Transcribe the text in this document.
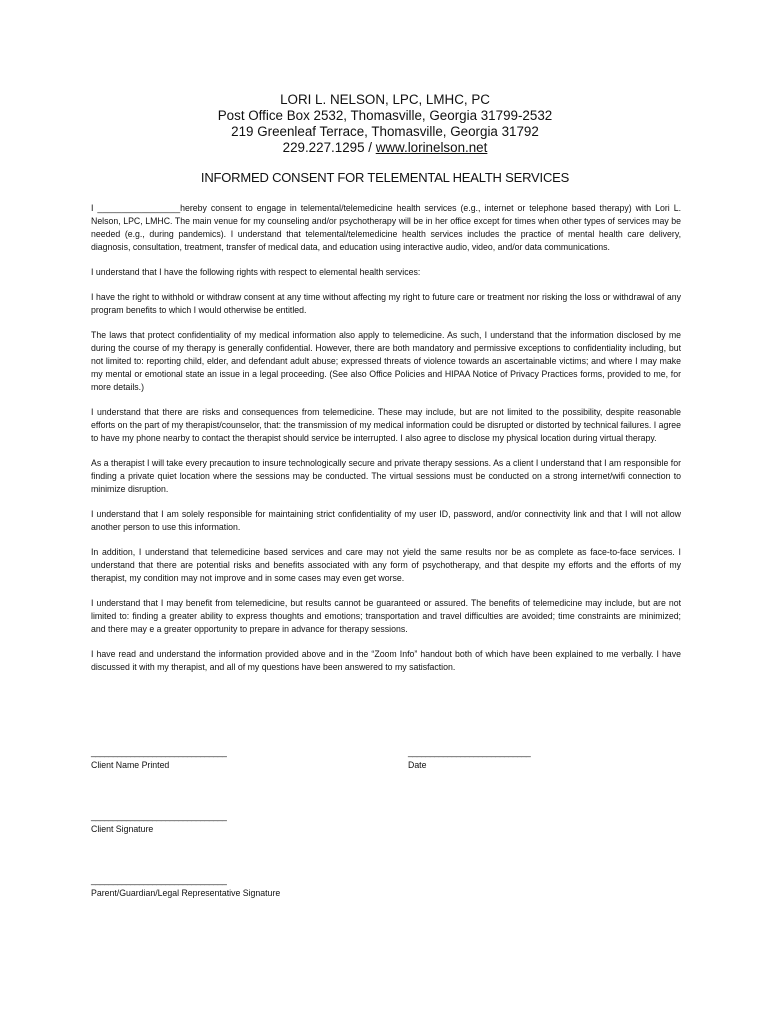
LORI L. NELSON, LPC, LMHC, PC
Post Office Box 2532, Thomasville, Georgia 31799-2532
219 Greenleaf Terrace, Thomasville, Georgia 31792
229.227.1295 / www.lorinelson.net
INFORMED CONSENT FOR TELEMENTAL HEALTH SERVICES

I _________________hereby consent to engage in telemental/telemedicine health services (e.g., internet or telephone based therapy) with Lori L. Nelson, LPC, LMHC. The main venue for my counseling and/or psychotherapy will be in her office except for times when other types of services may be needed (e.g., during pandemics). I understand that telemental/telemedicine health services includes the practice of mental health care delivery, diagnosis, consultation, treatment, transfer of medical data, and education using interactive audio, video, and/or data communications.

I understand that I have the following rights with respect to elemental health services:

I have the right to withhold or withdraw consent at any time without affecting my right to future care or treatment nor risking the loss or withdrawal of any program benefits to which I would otherwise be entitled.

The laws that protect confidentiality of my medical information also apply to telemedicine. As such, I understand that the information disclosed by me during the course of my therapy is generally confidential. However, there are both mandatory and permissive exceptions to confidentiality including, but not limited to: reporting child, elder, and defendant adult abuse; expressed threats of violence towards an ascertainable victims; and where I may make my mental or emotional state an issue in a legal proceeding. (See also Office Policies and HIPAA Notice of Privacy Practices forms, provided to me, for more details.)

I understand that there are risks and consequences from telemedicine. These may include, but are not limited to the possibility, despite reasonable efforts on the part of my therapist/counselor, that: the transmission of my medical information could be disrupted or distorted by technical failures. I agree to have my phone nearby to contact the therapist should service be interrupted. I also agree to disclose my physical location during virtual therapy.

As a therapist I will take every precaution to insure technologically secure and private therapy sessions. As a client I understand that I am responsible for finding a private quiet location where the sessions may be conducted. The virtual sessions must be conducted on a strong internet/wifi connection to minimize disruption.

I understand that I am solely responsible for maintaining strict confidentiality of my user ID, password, and/or connectivity link and that I will not allow another person to use this information.

In addition, I understand that telemedicine based services and care may not yield the same results nor be as complete as face-to-face services. I understand that there are potential risks and benefits associated with any form of psychotherapy, and that despite my efforts and the efforts of my therapist, my condition may not improve and in some cases may even get worse.

I understand that I may benefit from telemedicine, but results cannot be guaranteed or assured. The benefits of telemedicine may include, but are not limited to: finding a greater ability to express thoughts and emotions; transportation and travel difficulties are avoided; time constraints are minimized; and there may e a greater opportunity to prepare in advance for therapy sessions.

I have read and understand the information provided above and in the “Zoom Info” handout both of which have been explained to me verbally. I have discussed it with my therapist, and all of my questions have been answered to my satisfaction.

_______________________________
Client Name Printed
____________________________
Date
_______________________________
Client Signature
_______________________________
Parent/Guardian/Legal Representative Signature
